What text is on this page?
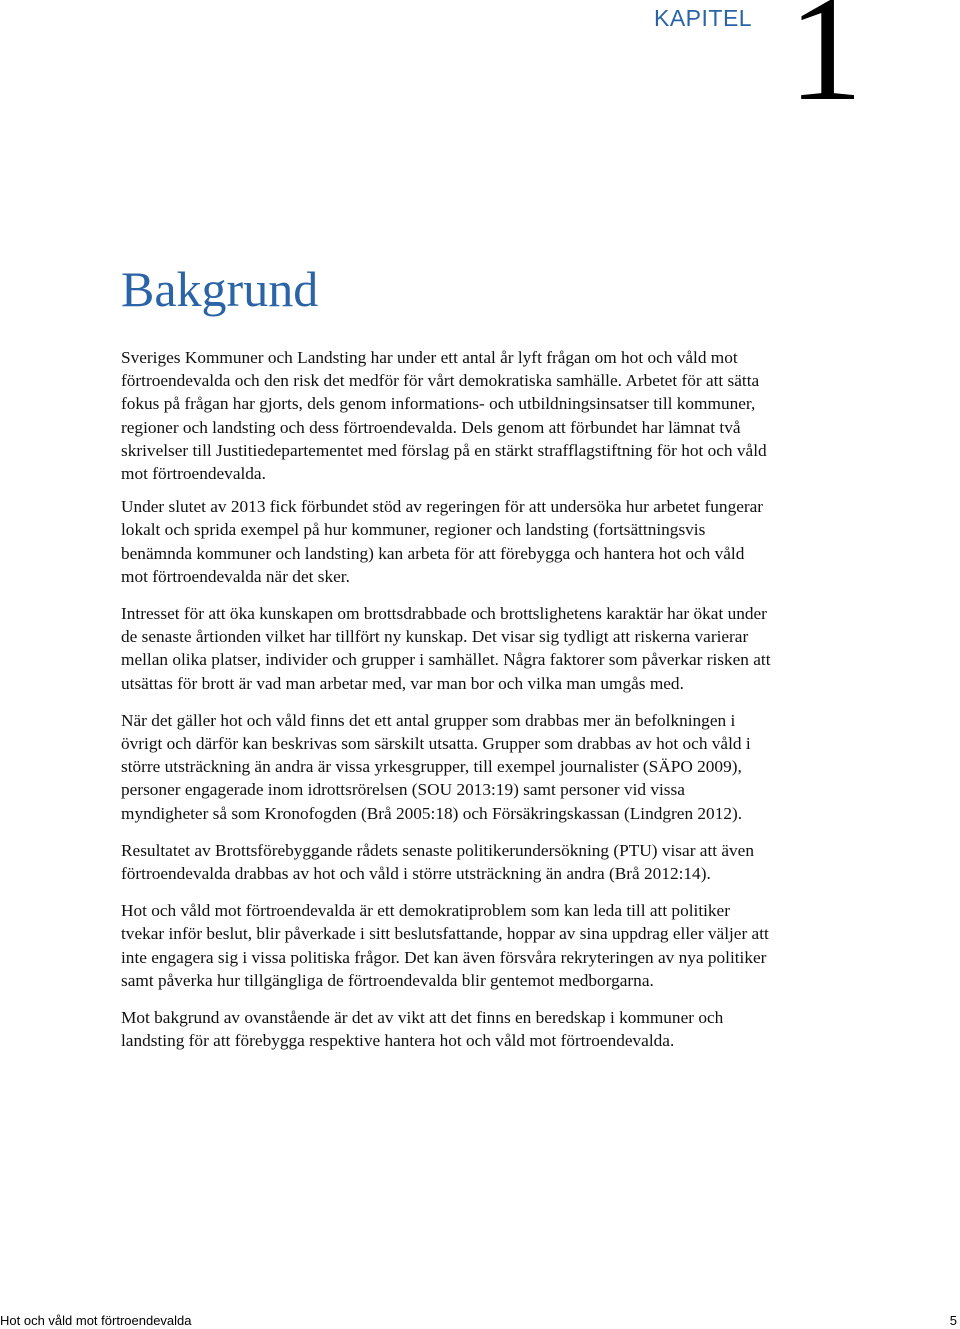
KAPITEL 1
Bakgrund

Sveriges Kommuner och Landsting har under ett antal år lyft frågan om hot och våld mot förtroendevalda och den risk det medför för vårt demokratiska samhälle. Arbetet för att sätta fokus på frågan har gjorts, dels genom informations- och utbildningsinsatser till kommuner, regioner och landsting och dess förtroendevalda. Dels genom att förbundet har lämnat två skrivelser till Justitiedepartementet med förslag på en stärkt strafflagstiftning för hot och våld mot förtroendevalda.

Under slutet av 2013 fick förbundet stöd av regeringen för att undersöka hur arbetet fungerar lokalt och sprida exempel på hur kommuner, regioner och landsting (fortsättningsvis benämnda kommuner och landsting) kan arbeta för att förebygga och hantera hot och våld mot förtroendevalda när det sker.

Intresset för att öka kunskapen om brottsdrabbade och brottslighetens karaktär har ökat under de senaste årtionden vilket har tillfört ny kunskap. Det visar sig tydligt att riskerna varierar mellan olika platser, individer och grupper i samhället. Några faktorer som påverkar risken att utsättas för brott är vad man arbetar med, var man bor och vilka man umgås med.

När det gäller hot och våld finns det ett antal grupper som drabbas mer än befolkningen i övrigt och därför kan beskrivas som särskilt utsatta. Grupper som drabbas av hot och våld i större utsträckning än andra är vissa yrkesgrupper, till exempel journalister (SÄPO 2009), personer engagerade inom idrottsrörelsen (SOU 2013:19) samt personer vid vissa myndigheter så som Kronofogden (Brå 2005:18) och Försäkringskassan (Lindgren 2012).

Resultatet av Brottsförebyggande rådets senaste politikerundersökning (PTU) visar att även förtroendevalda drabbas av hot och våld i större utsträckning än andra (Brå 2012:14).

Hot och våld mot förtroendevalda är ett demokratiproblem som kan leda till att politiker tvekar inför beslut, blir påverkade i sitt beslutsfattande, hoppar av sina uppdrag eller väljer att inte engagera sig i vissa politiska frågor. Det kan även försvåra rekryteringen av nya politiker samt påverka hur tillgängliga de förtroendevalda blir gentemot medborgarna.

Mot bakgrund av ovanstående är det av vikt att det finns en beredskap i kommuner och landsting för att förebygga respektive hantera hot och våld mot förtroendevalda.

Hot och våld mot förtroendevalda	5
